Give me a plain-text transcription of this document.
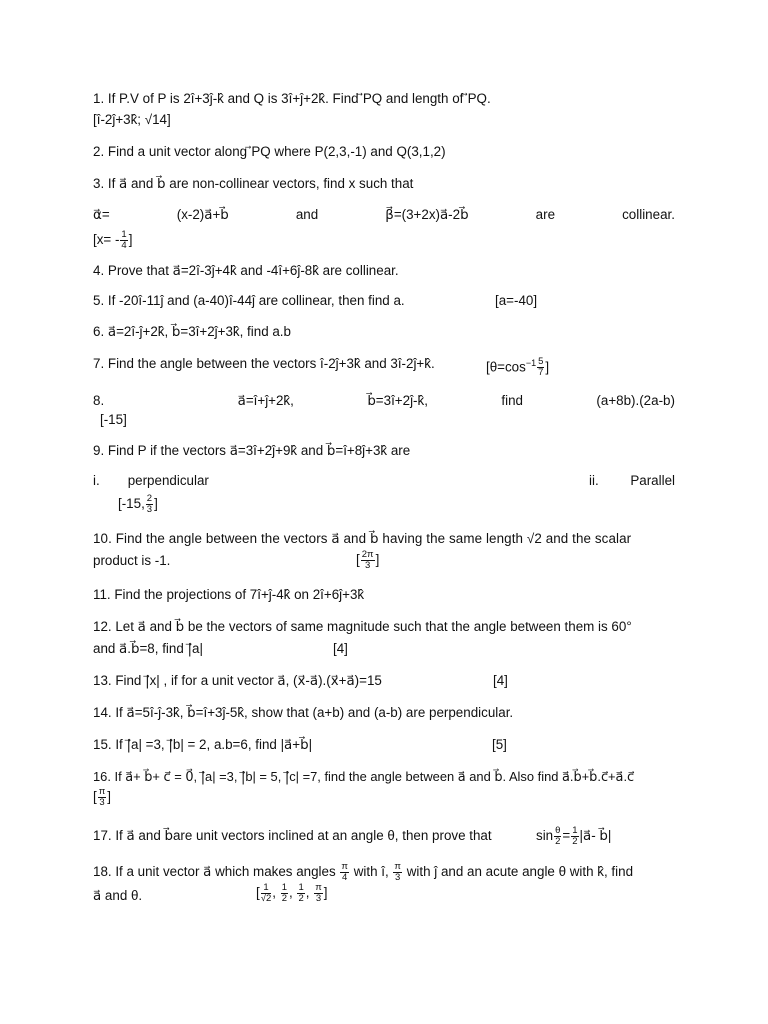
1. If P.V of P is 2î+3ĵ-k̂ and Q is 3î+ĵ+2k̂. Find ⃗PQ and length of ⃗PQ.
[î-2ĵ+3k̂; √14]
2. Find a unit vector along ⃗PQ where P(2,3,-1) and Q(3,1,2)
3. If a⃗ and b⃗ are non-collinear vectors, find x such that
α⃗=	(x-2)a⃗+b⃗	and	β⃗=(3+2x)a⃗-2b⃗	are	collinear.
[$x= - \frac{1}{4}$ ]
4. Prove that a⃗=2î-3ĵ+4k̂ and -4î+6ĵ-8k̂ are collinear.
5. If -20î-11ĵ and (a-40)î-44ĵ are collinear, then find a.	[a=-40]
6. a⃗=2î-ĵ+2k̂, b⃗=3î+2ĵ+3k̂, find a.b
7. Find the angle between the vectors î-2ĵ+3k̂ and 3î-2ĵ+k̂.	[$\theta=\cos^{-1} \frac{5}{7}$ ]
8.	a⃗=î+ĵ+2k̂,	b⃗=3î+2ĵ-k̂,	find	(a+8b).(2a-b)
[-15]
9. Find P if the vectors a⃗=3î+2ĵ+9k̂ and b⃗=î+8ĵ+3k̂ are
i. perpendicular	ii. Parallel
[-15, $\frac{2}{3}$ ]
10. Find the angle between the vectors a⃗ and b⃗ having the same length √2 and the scalar
product is -1.	[ $\frac{2\pi}{3}$ ]
11. Find the projections of 7î+ĵ-4k̂ on 2î+6ĵ+3k̂
12. Let a⃗ and b⃗ be the vectors of same magnitude such that the angle between them is 60°
and a⃗.b⃗=8, find |⃗a|	[4]
13. Find |⃗x| , if for a unit vector a⃗, (x⃗-a⃗).(x⃗+a⃗)=15	[4]
14. If a⃗=5î-ĵ-3k̂, b⃗=î+3ĵ-5k̂, show that (a+b) and (a-b) are perpendicular.
15. If |⃗a| =3, |⃗b| = 2, a.b=6, find |a⃗+b⃗|	[5]
16. If a⃗+ b⃗+ c⃗ = 0⃗, |⃗a| =3, |⃗b| = 5, |⃗c| =7, find the angle between a⃗ and b⃗. Also find a⃗.b⃗+b⃗.c⃗+a⃗.c⃗
[ $\frac{\pi}{3}$ ]
17. If a⃗ and b⃗are unit vectors inclined at an angle θ, then prove that	$\sin \frac{\theta}{2} = \frac{1}{2}$ |a⃗- b⃗|
18. If a unit vector a⃗ which makes angles $\frac{\pi}{4}$ with î, $\frac{\pi}{3}$ with ĵ and an acute angle θ with k̂, find
a⃗ and θ.	[ $\frac{1}{√2}$ , $\frac{1}{2}$ , $\frac{1}{2}$ , $\frac{\pi}{3}$ ]
